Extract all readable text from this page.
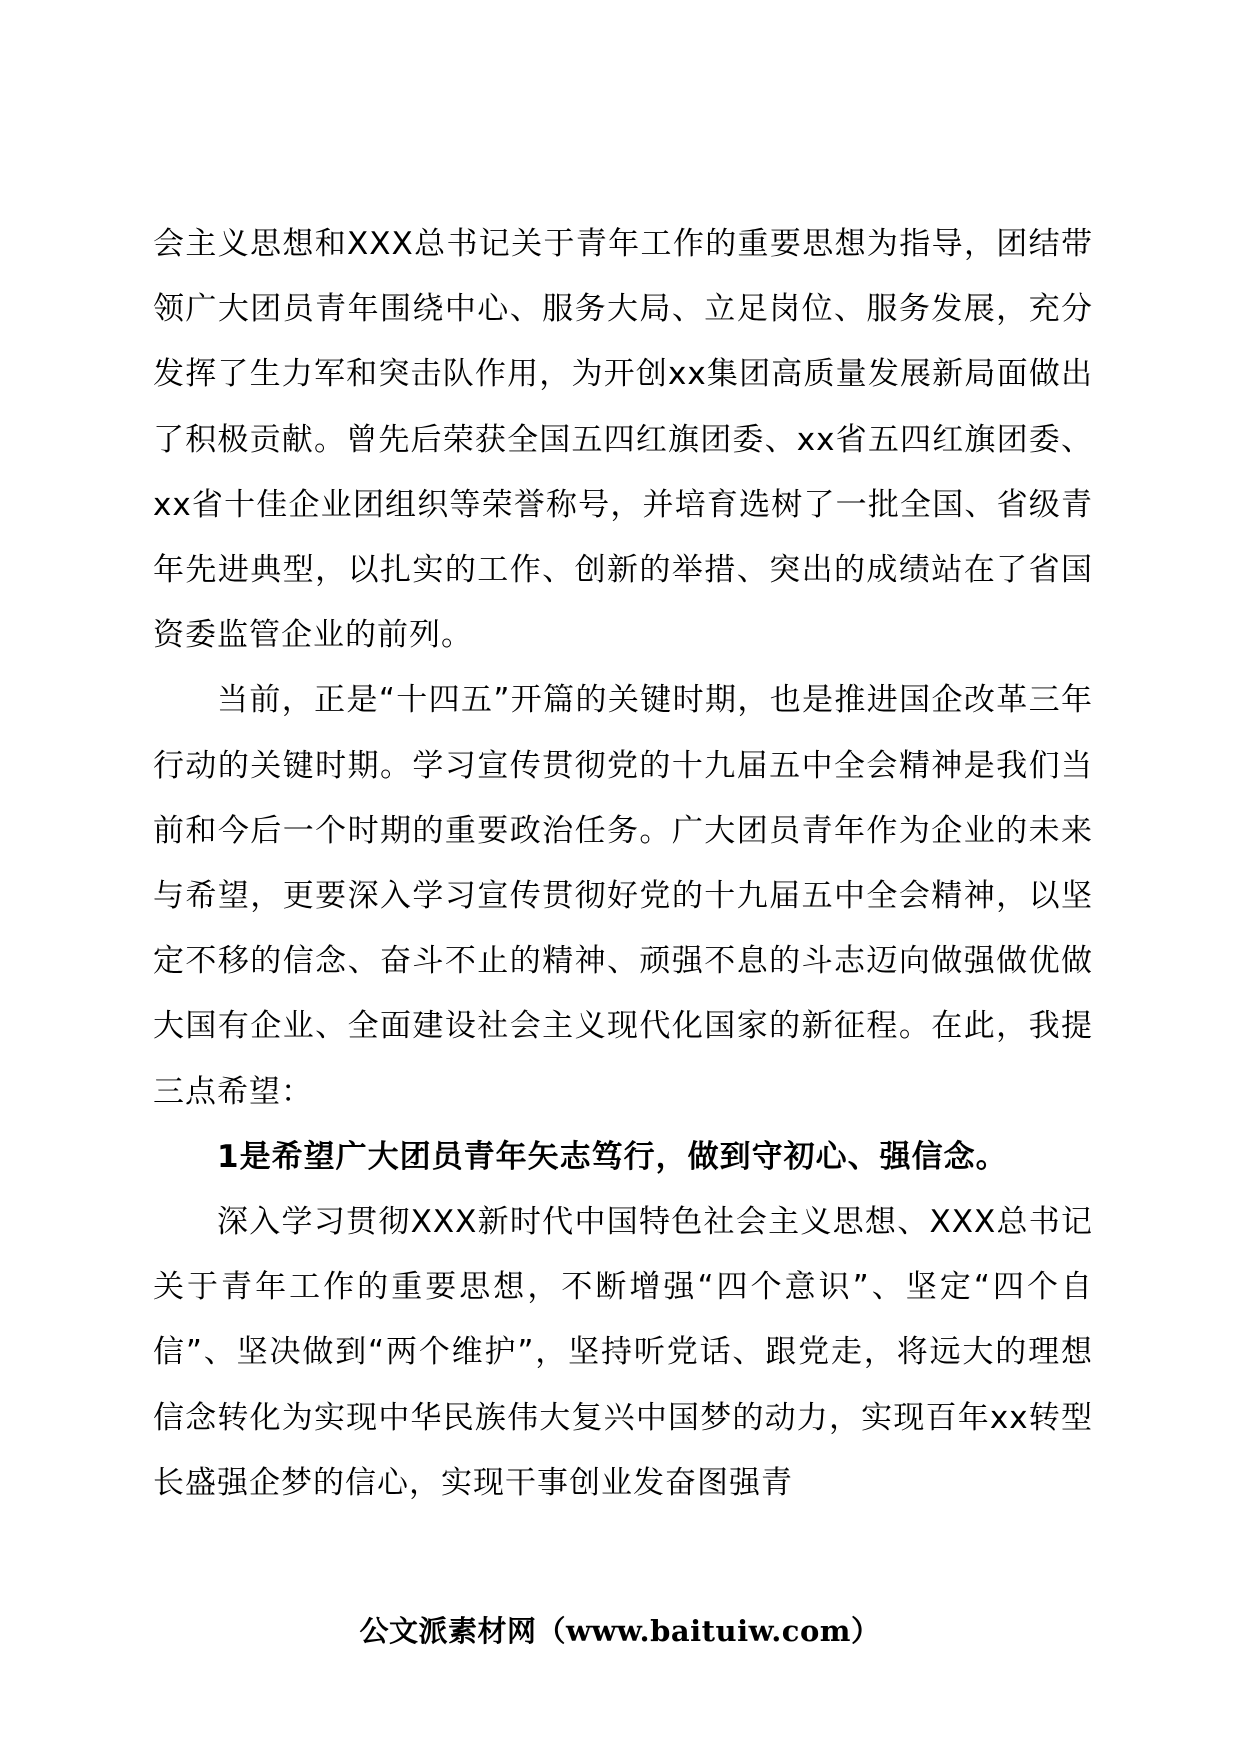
会主义思想和XXX总书记关于青年工作的重要思想为指导，团结带领广大团员青年围绕中心、服务大局、立足岗位、服务发展，充分发挥了生力军和突击队作用，为开创xx集团高质量发展新局面做出了积极贡献。曾先后荣获全国五四红旗团委、xx省五四红旗团委、xx省十佳企业团组织等荣誉称号，并培育选树了一批全国、省级青年先进典型，以扎实的工作、创新的举措、突出的成绩站在了省国资委监管企业的前列。

当前，正是“十四五”开篇的关键时期，也是推进国企改革三年行动的关键时期。学习宣传贯彻党的十九届五中全会精神是我们当前和今后一个时期的重要政治任务。广大团员青年作为企业的未来与希望，更要深入学习宣传贯彻好党的十九届五中全会精神，以坚定不移的信念、奋斗不止的精神、顽强不息的斗志迈向做强做优做大国有企业、全面建设社会主义现代化国家的新征程。在此，我提三点希望：

1是希望广大团员青年矢志笃行，做到守初心、强信念。

深入学习贯彻XXX新时代中国特色社会主义思想、XXX总书记关于青年工作的重要思想，不断增强“四个意识”、坚定“四个自信”、坚决做到“两个维护”，坚持听党话、跟党走，将远大的理想信念转化为实现中华民族伟大复兴中国梦的动力，实现百年xx转型长盛强企梦的信心，实现干事创业发奋图强青

公文派素材网（www.baituiw.com）
